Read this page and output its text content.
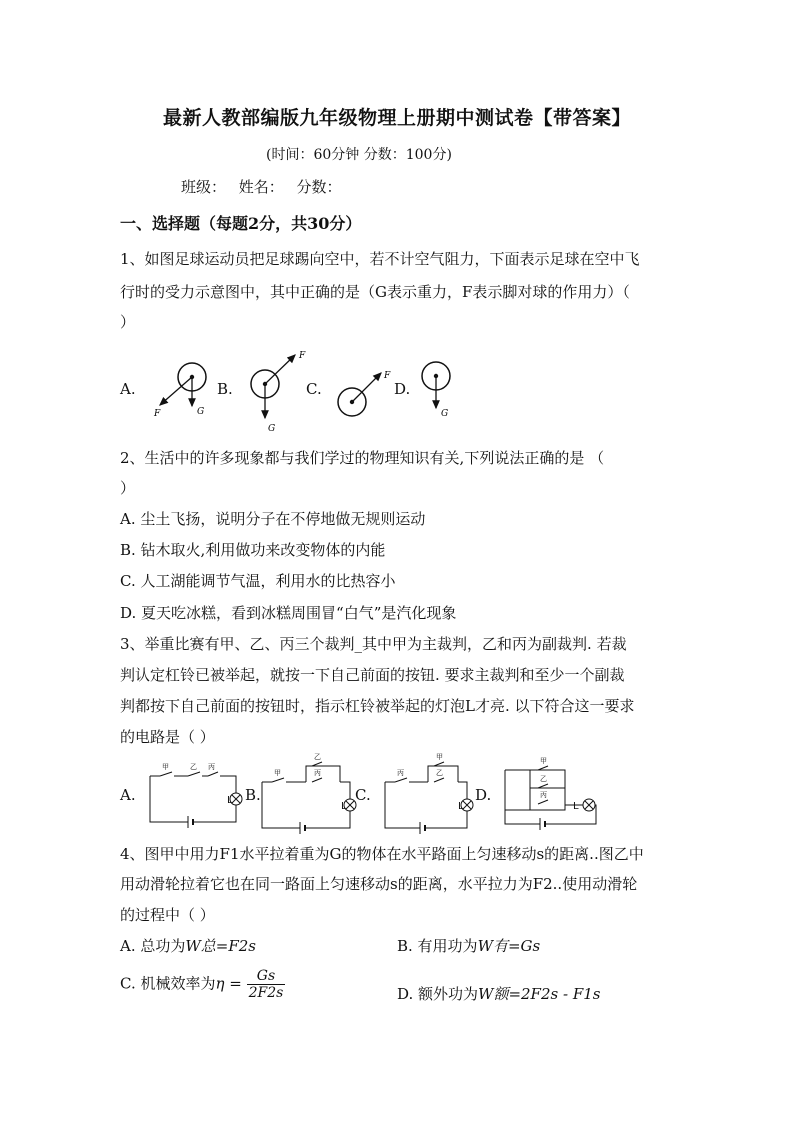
最新人教部编版九年级物理上册期中测试卷【带答案】
(时间：60分钟 分数：100分)
班级： 姓名： 分数：
一、选择题（每题2分，共30分）
1、如图足球运动员把足球踢向空中，若不计空气阻力，下面表示足球在空中飞
行时的受力示意图中，其中正确的是（G表示重力，F表示脚对球的作用力）（
）
A.	B.	C.	D.
F	G
F
G
F
G
2、生活中的许多现象都与我们学过的物理知识有关,下列说法正确的是 （
）
A. 尘土飞扬，说明分子在不停地做无规则运动
B. 钻木取火,利用做功来改变物体的内能
C. 人工湖能调节气温，利用水的比热容小
D. 夏天吃冰糕，看到冰糕周围冒“白气”是汽化现象
3、举重比赛有甲、乙、丙三个裁判_其中甲为主裁判，乙和丙为副裁判. 若裁
判认定杠铃已被举起，就按一下自己前面的按钮. 要求主裁判和至少一个副裁
判都按下自己前面的按钮时，指示杠铃被举起的灯泡L才亮. 以下符合这一要求
的电路是（ ）
A.	B.	C.	D.
甲	乙 丙
L
甲
乙
丙
L
丙
甲
乙
L
甲
乙
丙
L
4、图甲中用力F1水平拉着重为G的物体在水平路面上匀速移动s的距离..图乙中
用动滑轮拉着它也在同一路面上匀速移动s的距离，水平拉力为F2..使用动滑轮
的过程中（ ）
A. 总功为W总=F2s	B. 有用功为W有=Gs
C. 机械效率为$\eta = \frac{Gs}{2F2s}$	D. 额外功为W额=2F2s - F1s
